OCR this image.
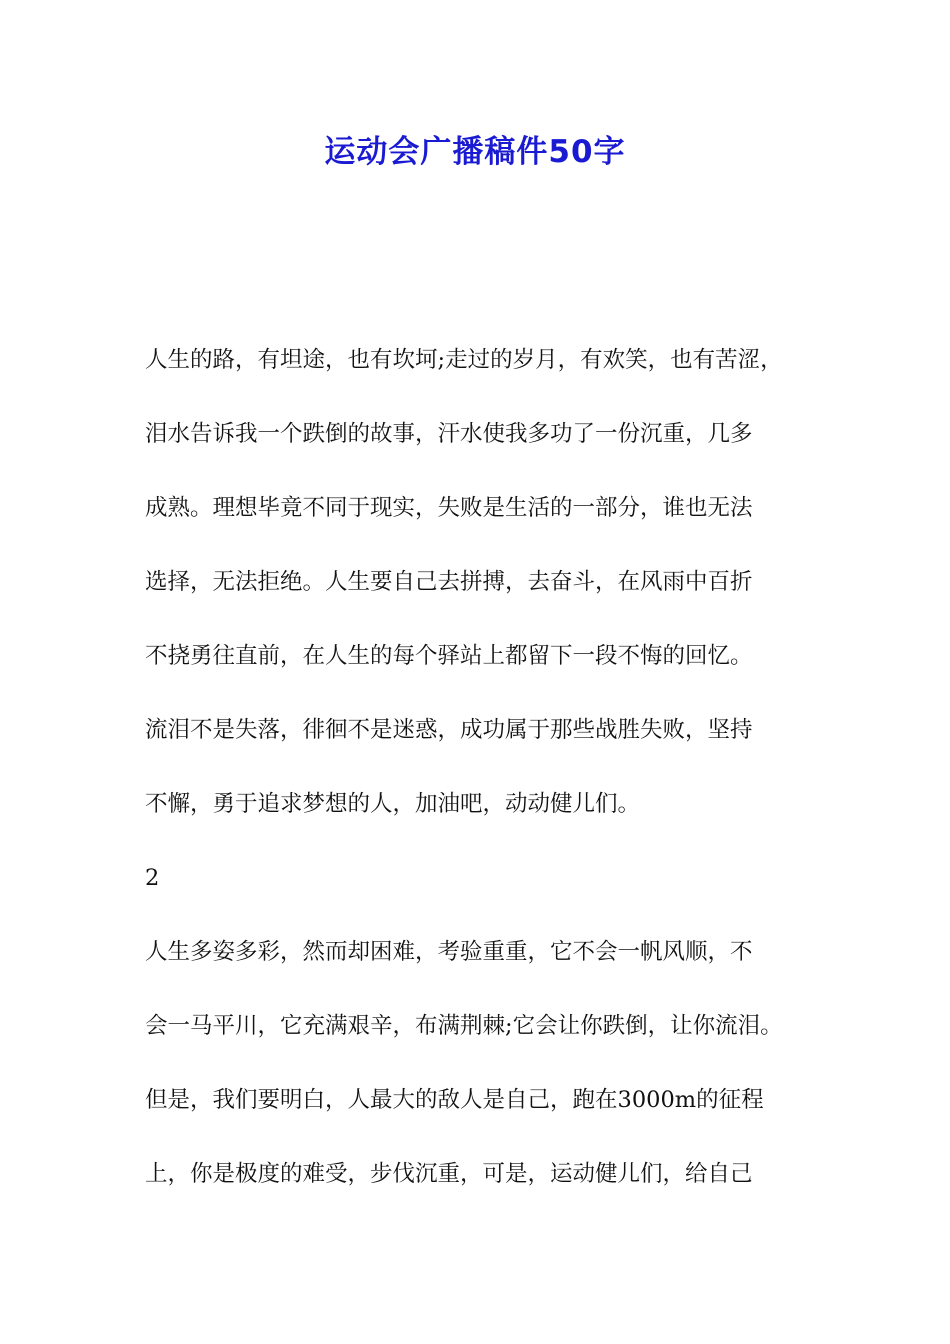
运动会广播稿件50字

人生的路，有坦途，也有坎坷;走过的岁月，有欢笑，也有苦涩，

泪水告诉我一个跌倒的故事，汗水使我多功了一份沉重，几多

成熟。理想毕竟不同于现实，失败是生活的一部分，谁也无法

选择，无法拒绝。人生要自己去拼搏，去奋斗，在风雨中百折

不挠勇往直前，在人生的每个驿站上都留下一段不悔的回忆。

流泪不是失落，徘徊不是迷惑，成功属于那些战胜失败，坚持

不懈，勇于追求梦想的人，加油吧，动动健儿们。

2

人生多姿多彩，然而却困难，考验重重，它不会一帆风顺，不

会一马平川，它充满艰辛，布满荆棘;它会让你跌倒，让你流泪。

但是，我们要明白，人最大的敌人是自己，跑在3000m的征程

上，你是极度的难受，步伐沉重，可是，运动健儿们，给自己
